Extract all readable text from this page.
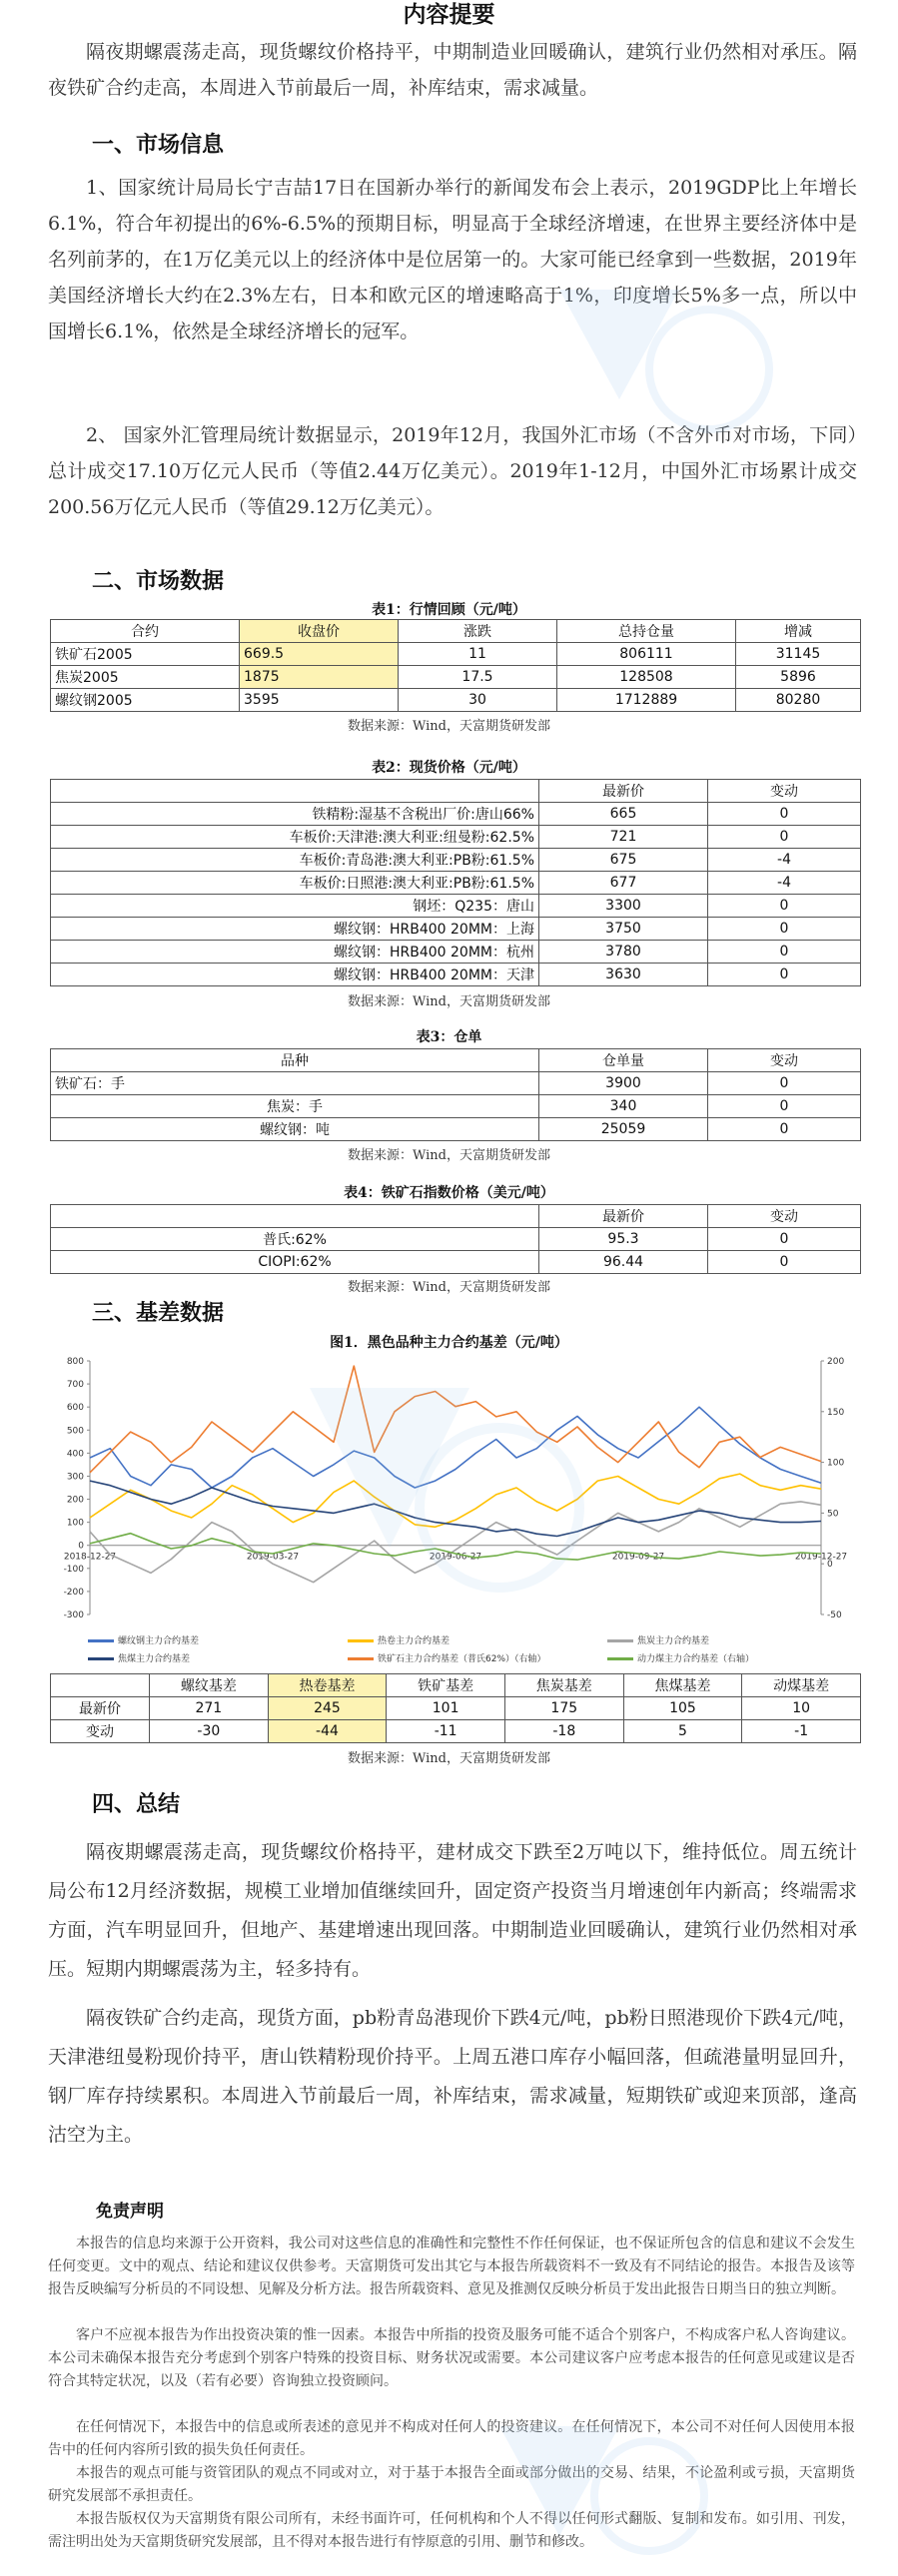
内容提要

隔夜期螺震荡走高，现货螺纹价格持平，中期制造业回暖确认，建筑行业仍然相对承压。隔夜铁矿合约走高，本周进入节前最后一周，补库结束，需求减量。

一、市场信息

1、国家统计局局长宁吉喆17日在国新办举行的新闻发布会上表示，2019GDP比上年增长6.1%，符合年初提出的6%-6.5%的预期目标，明显高于全球经济增速，在世界主要经济体中是名列前茅的，在1万亿美元以上的经济体中是位居第一的。大家可能已经拿到一些数据，2019年美国经济增长大约在2.3%左右，日本和欧元区的增速略高于1%，印度增长5%多一点，所以中国增长6.1%，依然是全球经济增长的冠军。

2、 国家外汇管理局统计数据显示，2019年12月，我国外汇市场（不含外币对市场，下同）总计成交17.10万亿元人民币（等值2.44万亿美元）。2019年1-12月，中国外汇市场累计成交200.56万亿元人民币（等值29.12万亿美元）。

二、市场数据
表1：行情回顾（元/吨）
合约	收盘价	涨跌	总持仓量	增减
铁矿石2005	669.5	11	806111	31145
焦炭2005	1875	17.5	128508	5896
螺纹钢2005	3595	30	1712889	80280
数据来源：Wind，天富期货研发部
表2：现货价格（元/吨）
	最新价	变动
铁精粉:湿基不含税出厂价:唐山66%	665	0
车板价:天津港:澳大利亚:纽曼粉:62.5%	721	0
车板价:青岛港:澳大利亚:PB粉:61.5%	675	-4
车板价:日照港:澳大利亚:PB粉:61.5%	677	-4
钢坯：Q235：唐山	3300	0
螺纹钢：HRB400 20MM：上海	3750	0
螺纹钢：HRB400 20MM：杭州	3780	0
螺纹钢：HRB400 20MM：天津	3630	0
数据来源：Wind，天富期货研发部
表3：仓单
品种	仓单量	变动
铁矿石：手	3900	0
焦炭：手	340	0
螺纹钢：吨	25059	0
数据来源：Wind，天富期货研发部
表4：铁矿石指数价格（美元/吨）
	最新价	变动
普氏:62%	95.3	0
CIOPI:62%	96.44	0
数据来源：Wind，天富期货研发部
三、基差数据
图1．黑色品种主力合约基差（元/吨）
-300
-200
-100
0
100
200
300
400
500
600
700
800
-50
0
50
100
150
200
2018-12-27	2019-03-27	2019-06-27	2019-09-27	2019-12-27
螺纹钢主力合约基差	热卷主力合约基差	焦炭主力合约基差
焦煤主力合约基差	铁矿石主力合约基差（普氏62%）（右轴）	动力煤主力合约基差（右轴）
	螺纹基差	热卷基差	铁矿基差	焦炭基差	焦煤基差	动煤基差
最新价	271	245	101	175	105	10
变动	-30	-44	-11	-18	5	-1
数据来源：Wind，天富期货研发部
四、总结

隔夜期螺震荡走高，现货螺纹价格持平，建材成交下跌至2万吨以下，维持低位。周五统计局公布12月经济数据，规模工业增加值继续回升，固定资产投资当月增速创年内新高；终端需求方面，汽车明显回升，但地产、基建增速出现回落。中期制造业回暖确认，建筑行业仍然相对承压。短期内期螺震荡为主，轻多持有。

隔夜铁矿合约走高，现货方面，pb粉青岛港现价下跌4元/吨，pb粉日照港现价下跌4元/吨，天津港纽曼粉现价持平，唐山铁精粉现价持平。上周五港口库存小幅回落，但疏港量明显回升，钢厂库存持续累积。本周进入节前最后一周，补库结束，需求减量，短期铁矿或迎来顶部，逢高沽空为主。

免责声明

本报告的信息均来源于公开资料，我公司对这些信息的准确性和完整性不作任何保证，也不保证所包含的信息和建议不会发生任何变更。文中的观点、结论和建议仅供参考。天富期货可发出其它与本报告所载资料不一致及有不同结论的报告。本报告及该等报告反映编写分析员的不同设想、见解及分析方法。报告所载资料、意见及推测仅反映分析员于发出此报告日期当日的独立判断。

客户不应视本报告为作出投资决策的惟一因素。本报告中所指的投资及服务可能不适合个别客户，不构成客户私人咨询建议。本公司未确保本报告充分考虑到个别客户特殊的投资目标、财务状况或需要。本公司建议客户应考虑本报告的任何意见或建议是否符合其特定状况，以及（若有必要）咨询独立投资顾问。

在任何情况下，本报告中的信息或所表述的意见并不构成对任何人的投资建议。在任何情况下，本公司不对任何人因使用本报告中的任何内容所引致的损失负任何责任。

本报告的观点可能与资管团队的观点不同或对立，对于基于本报告全面或部分做出的交易、结果，不论盈利或亏损，天富期货研究发展部不承担责任。

本报告版权仅为天富期货有限公司所有，未经书面许可，任何机构和个人不得以任何形式翻版、复制和发布。如引用、刊发，需注明出处为天富期货研究发展部，且不得对本报告进行有悖原意的引用、删节和修改。
